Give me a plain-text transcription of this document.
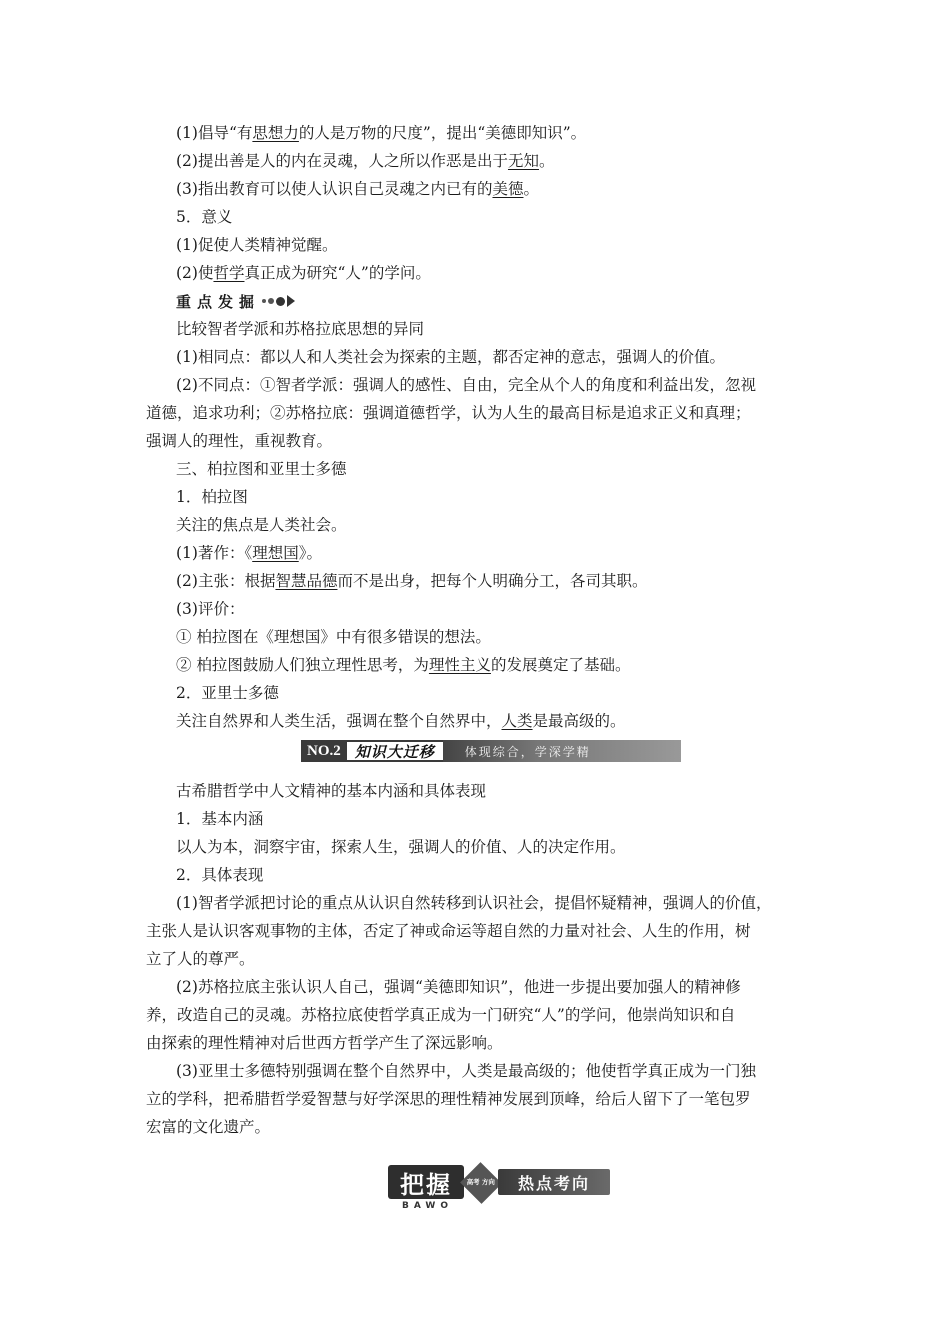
(1)倡导“有思想力的人是万物的尺度”，提出“美德即知识”。
(2)提出善是人的内在灵魂，人之所以作恶是出于无知。
(3)指出教育可以使人认识自己灵魂之内已有的美德。
5．意义
(1)促使人类精神觉醒。
(2)使哲学真正成为研究“人”的学问。
重点发掘
比较智者学派和苏格拉底思想的异同
(1)相同点：都以人和人类社会为探索的主题，都否定神的意志，强调人的价值。
(2)不同点：①智者学派：强调人的感性、自由，完全从个人的角度和利益出发，忽视
道德，追求功利；②苏格拉底：强调道德哲学，认为人生的最高目标是追求正义和真理；
强调人的理性，重视教育。
三、柏拉图和亚里士多德
1．柏拉图
关注的焦点是人类社会。
(1)著作：《理想国》。
(2)主张：根据智慧品德而不是出身，把每个人明确分工，各司其职。
(3)评价：
① 柏拉图在《理想国》中有很多错误的想法。
② 柏拉图鼓励人们独立理性思考，为理性主义的发展奠定了基础。
2．亚里士多德
关注自然界和人类生活，强调在整个自然界中，人类是最高级的。
NO.2 知识大迁移	体现综合，学深学精
古希腊哲学中人文精神的基本内涵和具体表现
1．基本内涵
以人为本，洞察宇宙，探索人生，强调人的价值、人的决定作用。
2．具体表现
(1)智者学派把讨论的重点从认识自然转移到认识社会，提倡怀疑精神，强调人的价值，
主张人是认识客观事物的主体，否定了神或命运等超自然的力量对社会、人生的作用，树
立了人的尊严。
(2)苏格拉底主张认识人自己，强调“美德即知识”，他进一步提出要加强人的精神修
养，改造自己的灵魂。苏格拉底使哲学真正成为一门研究“人”的学问，他崇尚知识和自
由探索的理性精神对后世西方哲学产生了深远影响。
(3)亚里士多德特别强调在整个自然界中，人类是最高级的；他使哲学真正成为一门独
立的学科，把希腊哲学爱智慧与好学深思的理性精神发展到顶峰，给后人留下了一笔包罗
宏富的文化遗产。
把握
BAWO
高考 方向	热点考向
